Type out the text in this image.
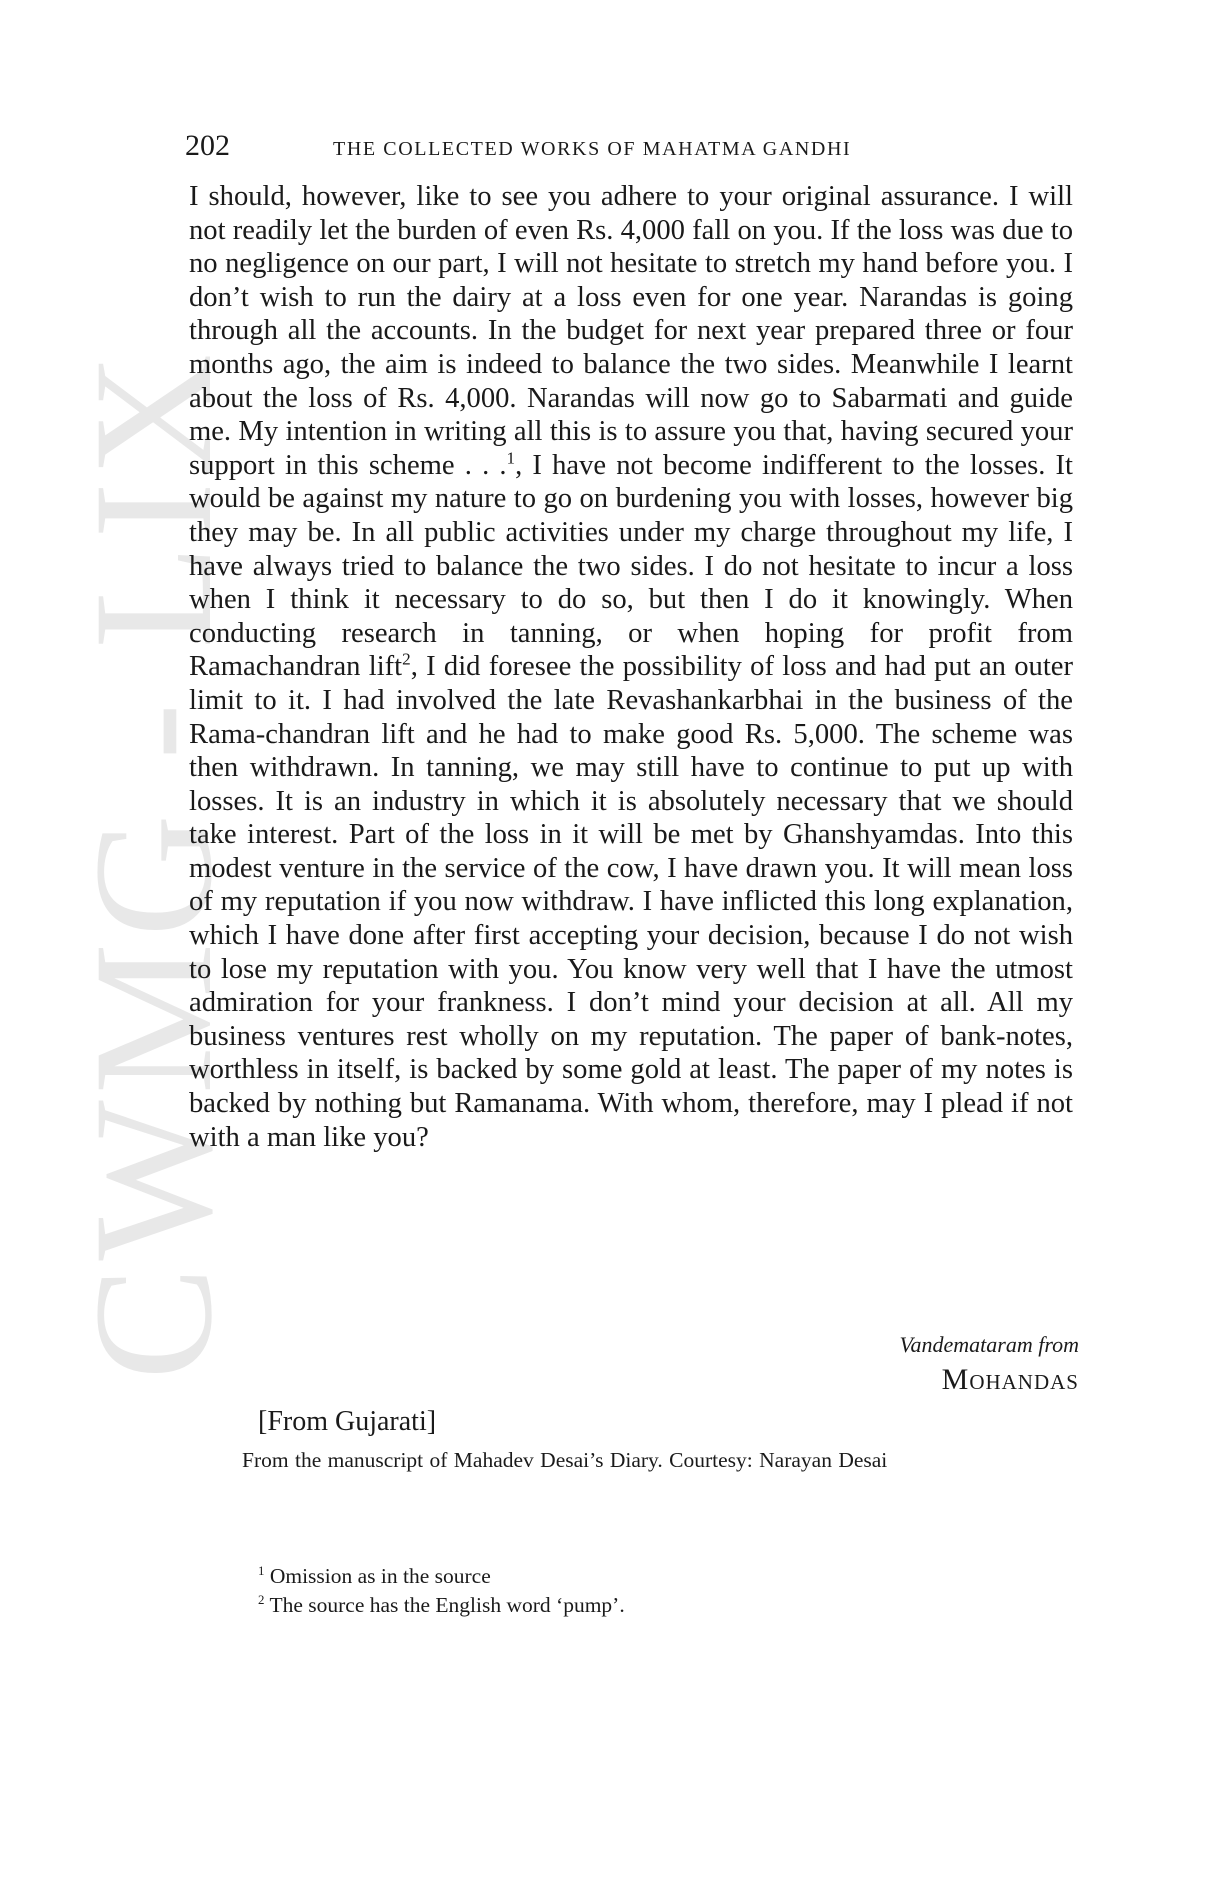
CWMG - LIX
202	THE COLLECTED WORKS OF MAHATMA GANDHI

I should, however, like to see you adhere to your original assurance. I will not readily let the burden of even Rs. 4,000 fall on you. If the loss was due to no negligence on our part, I will not hesitate to stretch my hand before you. I don’t wish to run the dairy at a loss even for one year. Narandas is going through all the accounts. In the budget for next year prepared three or four months ago, the aim is indeed to balance the two sides. Meanwhile I learnt about the loss of Rs. 4,000. Narandas will now go to Sabarmati and guide me. My intention in writing all this is to assure you that, having secured your support in this scheme . . .$^1$, I have not become indifferent to the losses. It would be against my nature to go on burdening you with losses, however big they may be. In all public activities under my charge throughout my life, I have always tried to balance the two sides. I do not hesitate to incur a loss when I think it necessary to do so, but then I do it knowingly. When conducting research in tanning, or when hoping for profit from Ramachandran lift$^2$, I did foresee the possibility of loss and had put an outer limit to it. I had involved the late Revashankarbhai in the business of the Rama-chandran lift and he had to make good Rs. 5,000. The scheme was then withdrawn. In tanning, we may still have to continue to put up with losses. It is an industry in which it is absolutely necessary that we should take interest. Part of the loss in it will be met by Ghanshyamdas. Into this modest venture in the service of the cow, I have drawn you. It will mean loss of my reputation if you now withdraw. I have inflicted this long explanation, which I have done after first accepting your decision, because I do not wish to lose my reputation with you. You know very well that I have the utmost admiration for your frankness. I don’t mind your decision at all. All my business ventures rest wholly on my reputation. The paper of bank-notes, worthless in itself, is backed by some gold at least. The paper of my notes is backed by nothing but Ramanama. With whom, therefore, may I plead if not with a man like you?

Vandemataram from
MOHANDAS
[From Gujarati]
From the manuscript of Mahadev Desai’s Diary. Courtesy: Narayan Desai
$^1$ Omission as in the source
$^2$ The source has the English word ‘pump’.
